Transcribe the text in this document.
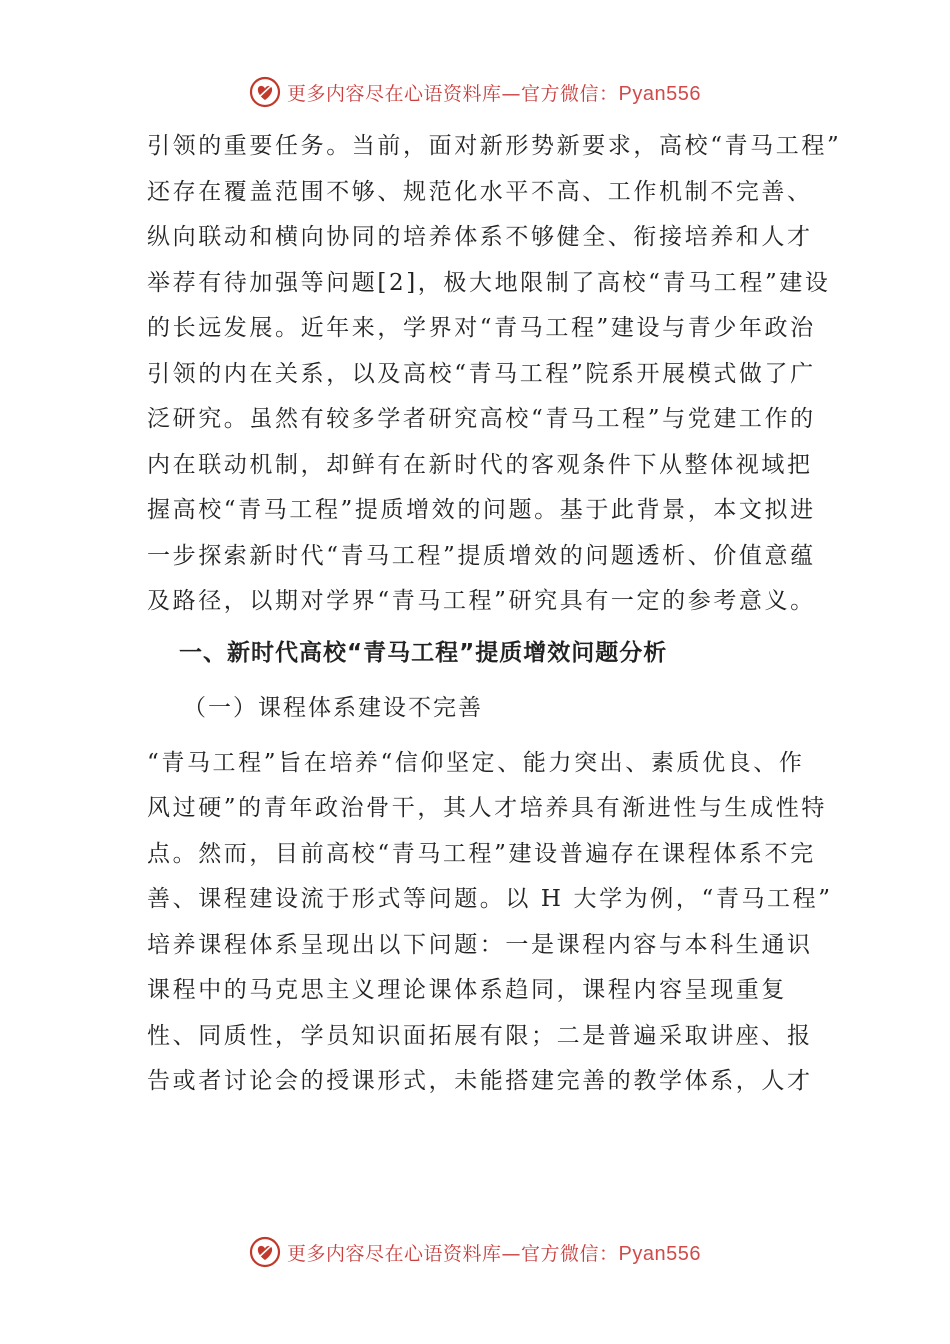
更多内容尽在心语资料库—官方微信：Pyan556
引领的重要任务。当前，面对新形势新要求，高校“青马工程”
还存在覆盖范围不够、规范化水平不高、工作机制不完善、
纵向联动和横向协同的培养体系不够健全、衔接培养和人才
举荐有待加强等问题[2]，极大地限制了高校“青马工程”建设
的长远发展。近年来，学界对“青马工程”建设与青少年政治
引领的内在关系，以及高校“青马工程”院系开展模式做了广
泛研究。虽然有较多学者研究高校“青马工程”与党建工作的
内在联动机制，却鲜有在新时代的客观条件下从整体视域把
握高校“青马工程”提质增效的问题。基于此背景，本文拟进
一步探索新时代“青马工程”提质增效的问题透析、价值意蕴
及路径，以期对学界“青马工程”研究具有一定的参考意义。
一、新时代高校“青马工程”提质增效问题分析
（一）课程体系建设不完善
“青马工程”旨在培养“信仰坚定、能力突出、素质优良、作
风过硬”的青年政治骨干，其人才培养具有渐进性与生成性特
点。然而，目前高校“青马工程”建设普遍存在课程体系不完
善、课程建设流于形式等问题。以 H 大学为例，“青马工程”
培养课程体系呈现出以下问题：一是课程内容与本科生通识
课程中的马克思主义理论课体系趋同，课程内容呈现重复
性、同质性，学员知识面拓展有限；二是普遍采取讲座、报
告或者讨论会的授课形式，未能搭建完善的教学体系，人才
更多内容尽在心语资料库—官方微信：Pyan556
